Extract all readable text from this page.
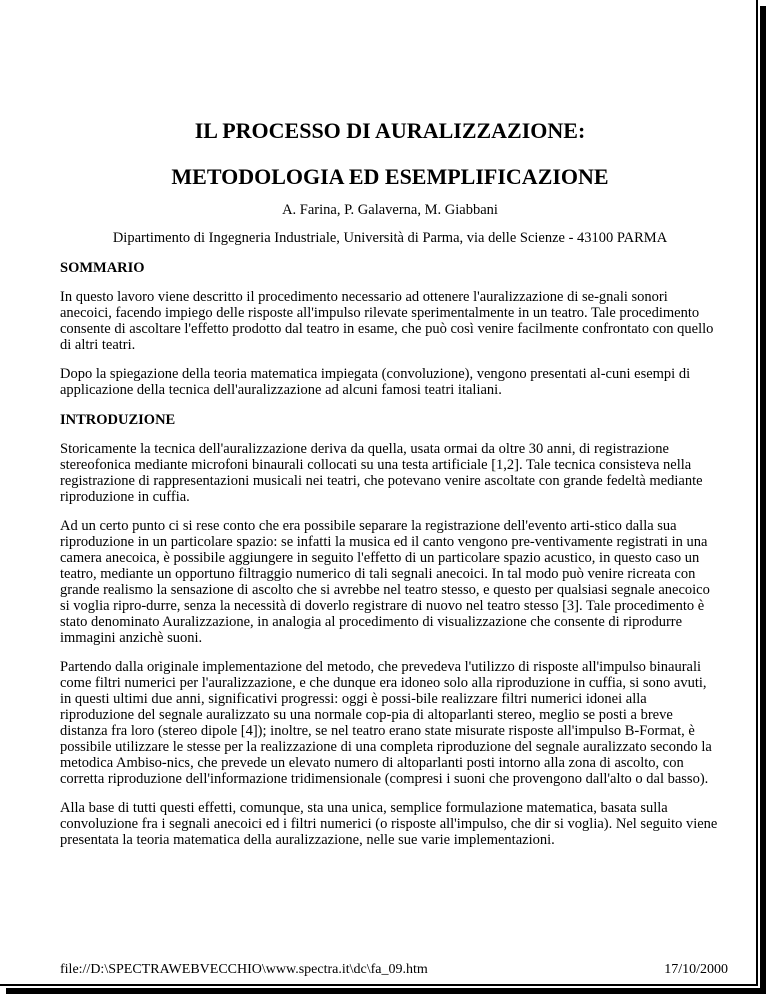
IL PROCESSO DI AURALIZZAZIONE:
METODOLOGIA ED ESEMPLIFICAZIONE
A. Farina, P. Galaverna, M. Giabbani
Dipartimento di Ingegneria Industriale, Università di Parma, via delle Scienze - 43100 PARMA
SOMMARIO

In questo lavoro viene descritto il procedimento necessario ad ottenere l'auralizzazione di se-gnali sonori anecoici, facendo impiego delle risposte all'impulso rilevate sperimentalmente in un teatro. Tale procedimento consente di ascoltare l'effetto prodotto dal teatro in esame, che può così venire facilmente confrontato con quello di altri teatri.

Dopo la spiegazione della teoria matematica impiegata (convoluzione), vengono presentati al-cuni esempi di applicazione della tecnica dell'auralizzazione ad alcuni famosi teatri italiani.

INTRODUZIONE

Storicamente la tecnica dell'auralizzazione deriva da quella, usata ormai da oltre 30 anni, di registrazione stereofonica mediante microfoni binaurali collocati su una testa artificiale [1,2]. Tale tecnica consisteva nella registrazione di rappresentazioni musicali nei teatri, che potevano venire ascoltate con grande fedeltà mediante riproduzione in cuffia.

Ad un certo punto ci si rese conto che era possibile separare la registrazione dell'evento arti-stico dalla sua riproduzione in un particolare spazio: se infatti la musica ed il canto vengono pre-ventivamente registrati in una camera anecoica, è possibile aggiungere in seguito l'effetto di un particolare spazio acustico, in questo caso un teatro, mediante un opportuno filtraggio numerico di tali segnali anecoici. In tal modo può venire ricreata con grande realismo la sensazione di ascolto che si avrebbe nel teatro stesso, e questo per qualsiasi segnale anecoico si voglia ripro-durre, senza la necessità di doverlo registrare di nuovo nel teatro stesso [3]. Tale procedimento è stato denominato Auralizzazione, in analogia al procedimento di visualizzazione che consente di riprodurre immagini anzichè suoni.

Partendo dalla originale implementazione del metodo, che prevedeva l'utilizzo di risposte all'impulso binaurali come filtri numerici per l'auralizzazione, e che dunque era idoneo solo alla riproduzione in cuffia, si sono avuti, in questi ultimi due anni, significativi progressi: oggi è possi-bile realizzare filtri numerici idonei alla riproduzione del segnale auralizzato su una normale cop-pia di altoparlanti stereo, meglio se posti a breve distanza fra loro (stereo dipole [4]); inoltre, se nel teatro erano state misurate risposte all'impulso B-Format, è possibile utilizzare le stesse per la realizzazione di una completa riproduzione del segnale auralizzato secondo la metodica Ambiso-nics, che prevede un elevato numero di altoparlanti posti intorno alla zona di ascolto, con corretta riproduzione dell'informazione tridimensionale (compresi i suoni che provengono dall'alto o dal basso).

Alla base di tutti questi effetti, comunque, sta una unica, semplice formulazione matematica, basata sulla convoluzione fra i segnali anecoici ed i filtri numerici (o risposte all'impulso, che dir si voglia). Nel seguito viene presentata la teoria matematica della auralizzazione, nelle sue varie implementazioni.

file://D:\SPECTRAWEBVECCHIO\www.spectra.it\dc\fa_09.htm	17/10/2000
